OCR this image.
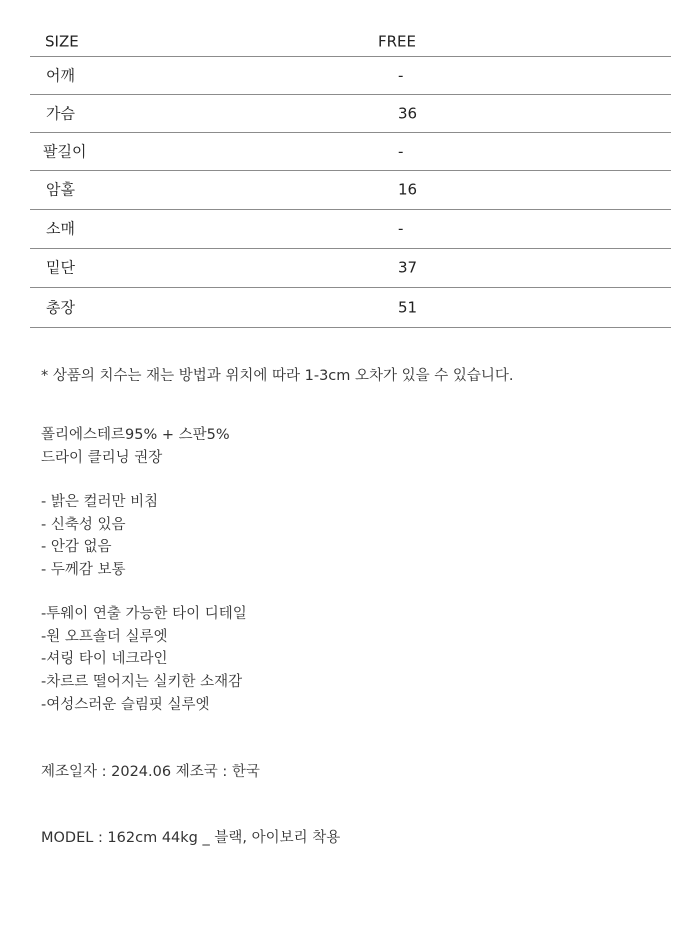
SIZE	FREE
어깨	-
가슴	36
팔길이	-
암홀	16
소매	-
밑단	37
총장	51
* 상품의 치수는 재는 방법과 위치에 따라 1-3cm 오차가 있을 수 있습니다.
폴리에스테르95% + 스판5%
드라이 클리닝 권장
- 밝은 컬러만 비침
- 신축성 있음
- 안감 없음
- 두께감 보통
-투웨이 연출 가능한 타이 디테일
-원 오프숄더 실루엣
-셔링 타이 네크라인
-차르르 떨어지는 실키한 소재감
-여성스러운 슬림핏 실루엣
제조일자 : 2024.06 제조국 : 한국
MODEL : 162cm 44kg _ 블랙, 아이보리 착용
